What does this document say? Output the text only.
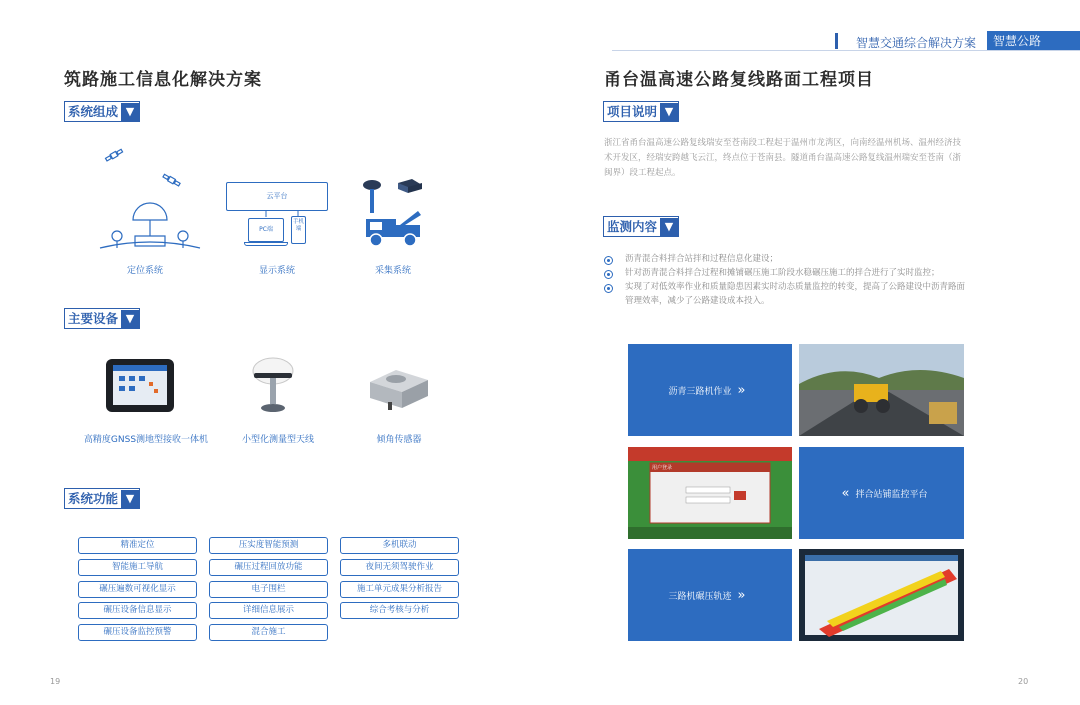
智慧交通综合解决方案	智慧公路
筑路施工信息化解决方案
系统组成 ▼
定位系统
云平台
PC端
手机端
显示系统	采集系统
主要设备 ▼
高精度GNSS测地型接收一体机	小型化测量型天线	倾角传感器
系统功能 ▼
精准定位	压实度智能预测	多机联动
智能施工导航	碾压过程回放功能	夜间无须驾驶作业
碾压遍数可视化显示	电子围栏	施工单元成果分析报告
碾压设备信息显示	详细信息展示	综合考核与分析
碾压设备监控预警	混合施工
19
甬台温高速公路复线路面工程项目
项目说明 ▼
浙江省甬台温高速公路复线瑞安至苍南段工程起于温州市龙湾区，向南经温州机场、温州经济技术开发区，经瑞安跨越飞云江，终点位于苍南县。隧道甬台温高速公路复线温州瑞安至苍南（浙闽界）段工程起点。
监测内容 ▼
沥青混合料拌合站拌和过程信息化建设；
针对沥青混合料拌合过程和摊铺碾压施工阶段水稳碾压施工的拌合进行了实时监控；
实现了对低效率作业和质量隐患因素实时动态质量监控的转变，提高了公路建设中沥青路面管理效率，减少了公路建设成本投入。
沥青三路机作业 »
用户登录
« 拌合站铺监控平台
三路机碾压轨迹 »
20
